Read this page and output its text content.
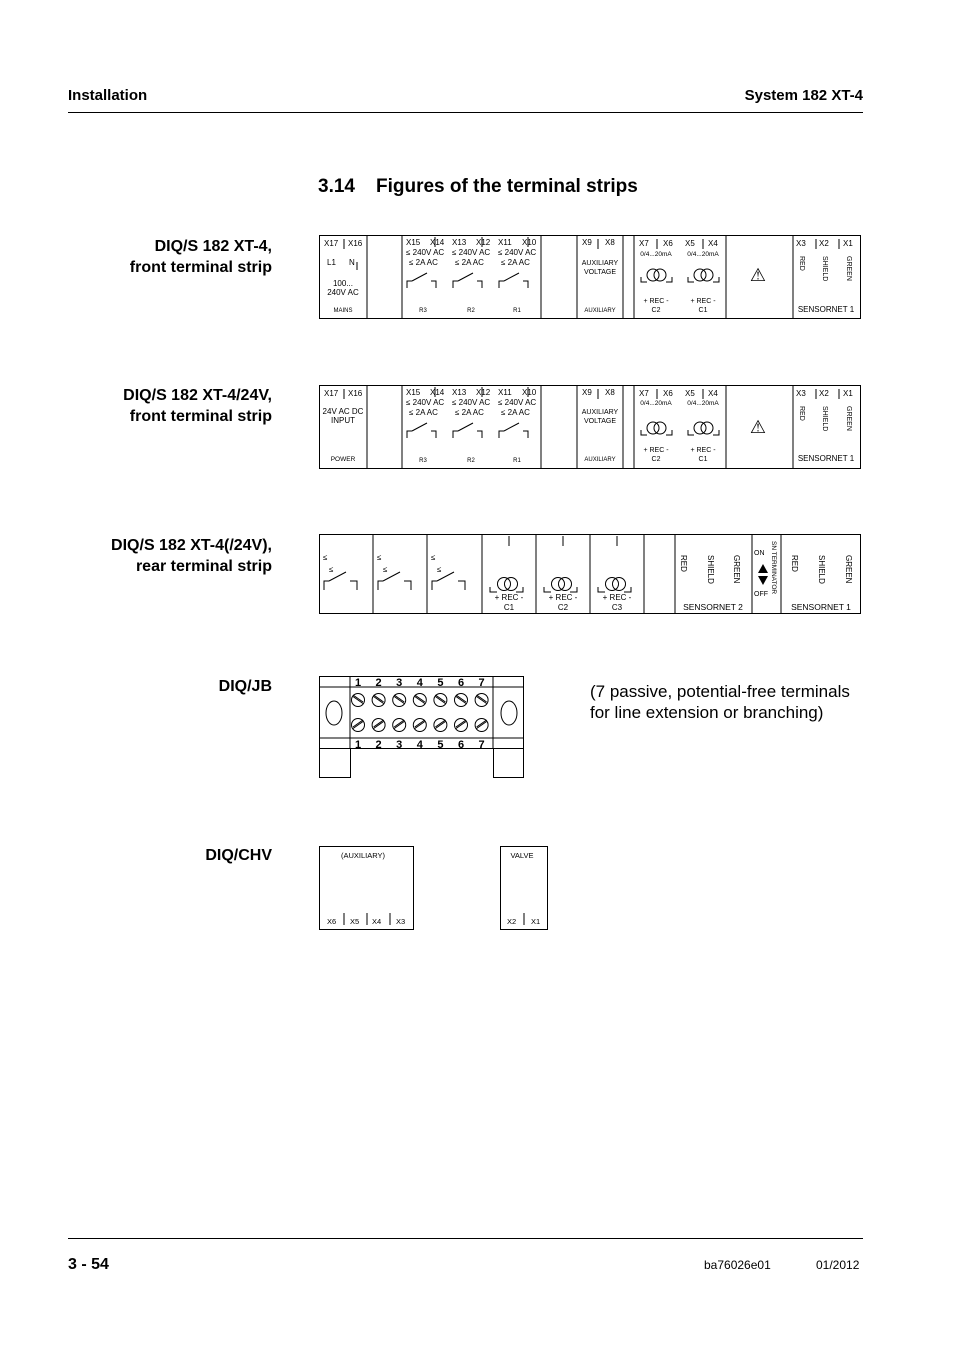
Installation	System 182 XT-4
3.14 Figures of the terminal strips
DIQ/S 182 XT-4,
front terminal strip
DIQ/S 182 XT-4/24V,
front terminal strip
DIQ/S 182 XT-4(/24V),
rear terminal strip
DIQ/JB
DIQ/CHV
X17 X16
L1 N
100...
240V AC
MAINS
X15 X14 X13 X12 X11 X10
≤ 240V AC
≤ 2A AC
≤ 240V AC
≤ 2A AC
≤ 240V AC
≤ 2A AC
R3	R2	R1
X9 X8
AUXILIARY
VOLTAGE
AUXILIARY
X7 X6 X5 X4
0/4...20mA 0/4...20mA
+ REC -
C2
+ REC -
C1
⚠
X3 X2 X1
RED SHIELD GREEN
SENSORNET 1
X17 X16
24V AC DC
INPUT
POWER
X15 X14 X13 X12 X11 X10
≤ 240V AC
≤ 2A AC
≤ 240V AC
≤ 2A AC
≤ 240V AC
≤ 2A AC
R3	R2	R1
X9 X8
AUXILIARY
VOLTAGE
AUXILIARY
X7 X6 X5 X4
0/4...20mA 0/4...20mA
+ REC -
C2
+ REC -
C1
⚠
X3 X2 X1
RED SHIELD GREEN
SENSORNET 1
≤
≤
≤
≤
≤
≤
+ REC -
C1
+ REC -
C2
+ REC -
C3
RED SHIELD GREEN
SENSORNET 2
ON
OFF
SN TERMINATOR RED SHIELD GREEN
SENSORNET 1
1 2 3 4 5 6 7
1 2 3 4 5 6 7
(7 passive, potential-free terminals
for line extension or branching)
(AUXILIARY)
X6 X5 X4 X3
VALVE
X2 X1
3 - 54	ba76026e01	01/2012
